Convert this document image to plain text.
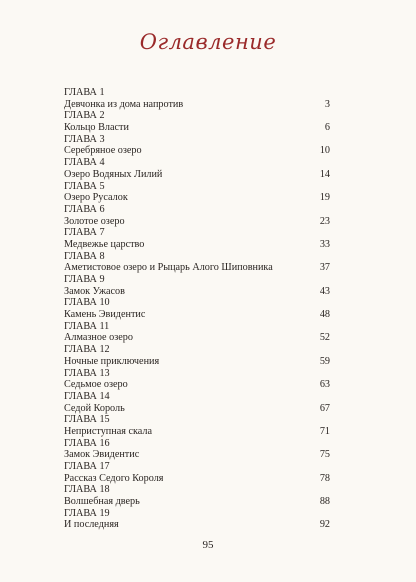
Оглавление
ГЛАВА 1
Девчонка из дома напротив	3
ГЛАВА 2
Кольцо Власти	6
ГЛАВА 3
Серебряное озеро	10
ГЛАВА 4
Озеро Водяных Лилий	14
ГЛАВА 5
Озеро Русалок	19
ГЛАВА 6
Золотое озеро	23
ГЛАВА 7
Медвежье царство	33
ГЛАВА 8
Аметистовое озеро и Рыцарь Алого Шиповника	37
ГЛАВА 9
Замок Ужасов	43
ГЛАВА 10
Камень Эвидентис	48
ГЛАВА 11
Алмазное озеро	52
ГЛАВА 12
Ночные приключения	59
ГЛАВА 13
Седьмое озеро	63
ГЛАВА 14
Седой Король	67
ГЛАВА 15
Неприступная скала	71
ГЛАВА 16
Замок Эвидентис	75
ГЛАВА 17
Рассказ Седого Короля	78
ГЛАВА 18
Волшебная дверь	88
ГЛАВА 19
И последняя	92
95
